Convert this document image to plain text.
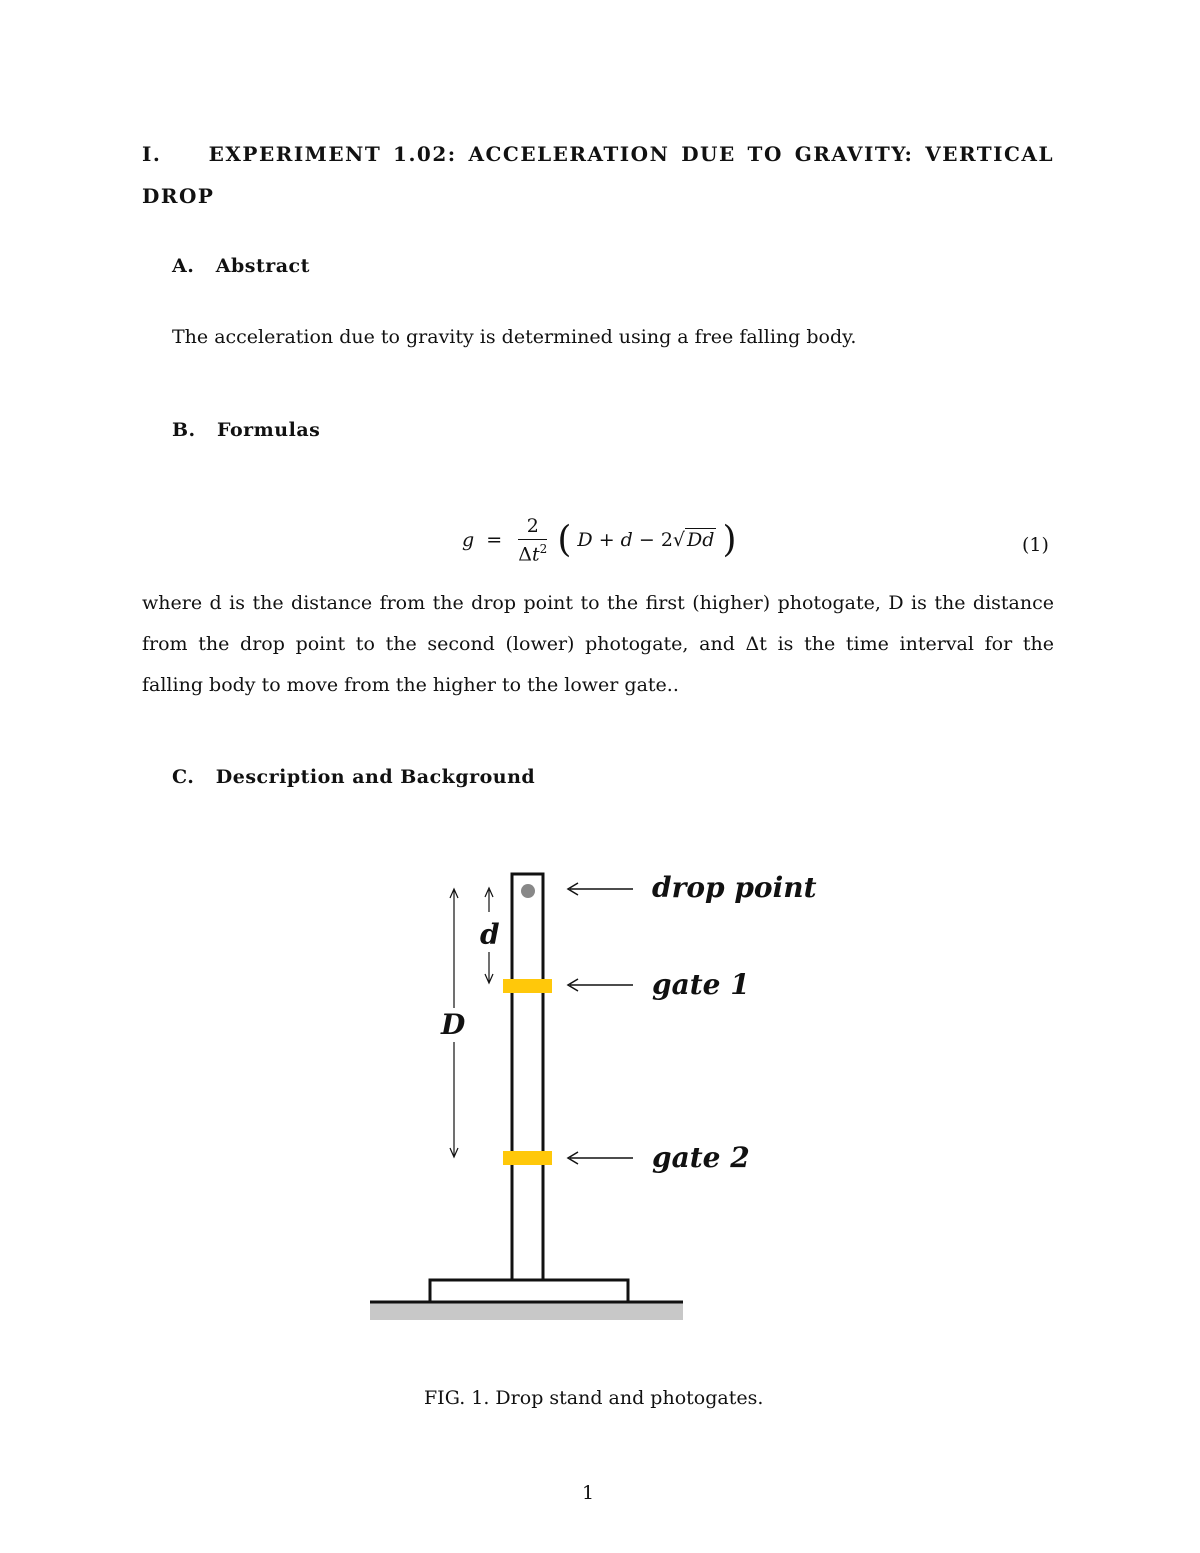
I. EXPERIMENT 1.02: ACCELERATION DUE TO GRAVITY: VERTICAL
DROP
A. Abstract
The acceleration due to gravity is determined using a free falling body.
B. Formulas
$g = \frac{2}{\Delta t^2}$ ( D + d − 2√ Dd )	(1)
where d is the distance from the drop point to the first (higher) photogate, D is the distance
from the drop point to the second (lower) photogate, and Δt is the time interval for the
falling body to move from the higher to the lower gate..
C. Description and Background
drop point
gate 1
gate 2
d
D
FIG. 1. Drop stand and photogates.
1
